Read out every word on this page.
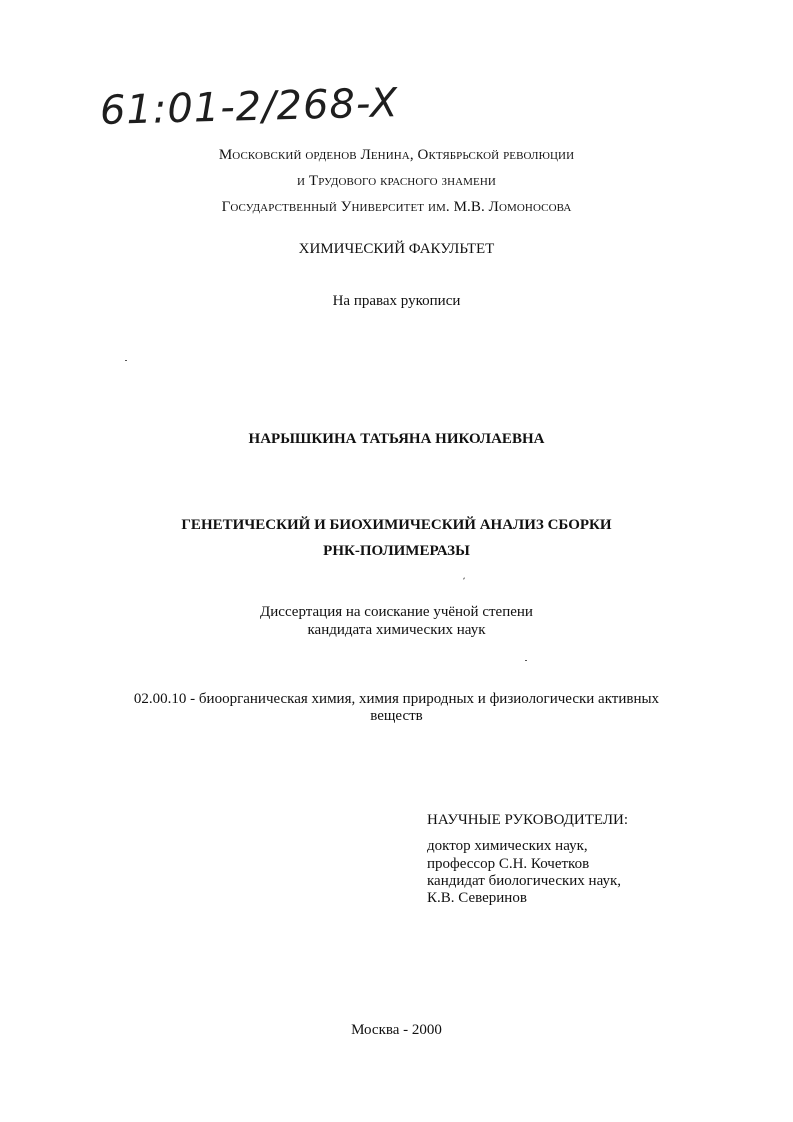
61:01-2/268-X
Московский орденов Ленина, Октябрьской революции
и Трудового красного знамени
Государственный Университет им. М.В. Ломоносова
ХИМИЧЕСКИЙ ФАКУЛЬТЕТ
На правах рукописи
НАРЫШКИНА ТАТЬЯНА НИКОЛАЕВНА
ГЕНЕТИЧЕСКИЙ И БИОХИМИЧЕСКИЙ АНАЛИЗ СБОРКИ
РНК-ПОЛИМЕРАЗЫ
Диссертация на соискание учёной степени
кандидата химических наук
02.00.10 - биоорганическая химия, химия природных и физиологически активных
веществ
НАУЧНЫЕ РУКОВОДИТЕЛИ:
доктор химических наук,
профессор С.Н. Кочетков
кандидат биологических наук,
К.В. Северинов
Москва - 2000
